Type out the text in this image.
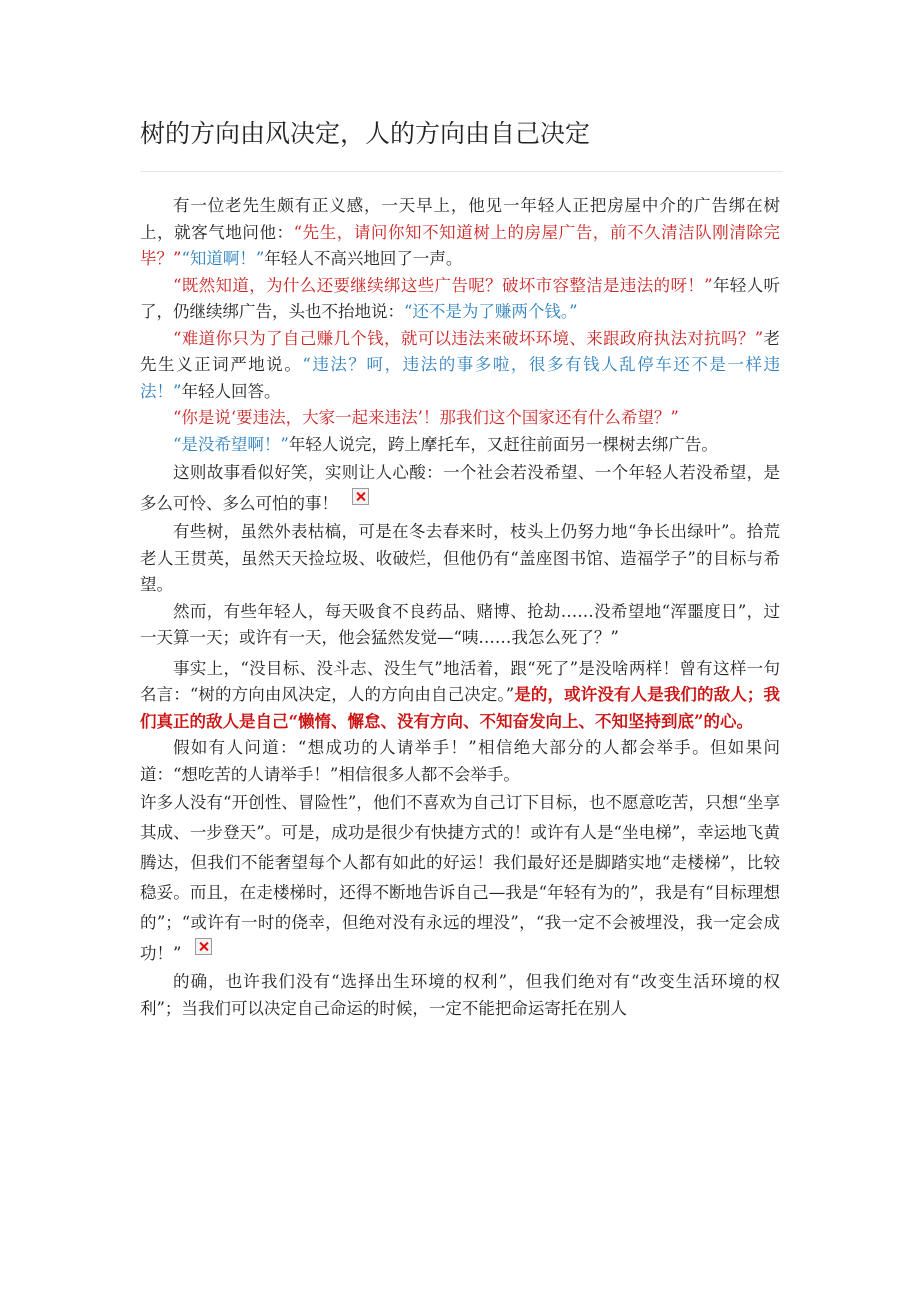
树的方向由风决定，人的方向由自己决定

有一位老先生颇有正义感，一天早上，他见一年轻人正把房屋中介的广告绑在树上，就客气地问他：“先生，请问你知不知道树上的房屋广告，前不久清洁队刚清除完毕？”“知道啊！”年轻人不高兴地回了一声。

“既然知道，为什么还要继续绑这些广告呢？破坏市容整洁是违法的呀！”年轻人听了，仍继续绑广告，头也不抬地说：“还不是为了赚两个钱。”

“难道你只为了自己赚几个钱，就可以违法来破坏环境、来跟政府执法对抗吗？”老先生义正词严地说。“违法？呵，违法的事多啦，很多有钱人乱停车还不是一样违法！”年轻人回答。

“你是说‘要违法，大家一起来违法’！那我们这个国家还有什么希望？”

“是没希望啊！”年轻人说完，跨上摩托车，又赶往前面另一棵树去绑广告。

这则故事看似好笑，实则让人心酸：一个社会若没希望、一个年轻人若没希望，是多么可怜、多么可怕的事！

有些树，虽然外表枯槁，可是在冬去春来时，枝头上仍努力地“争长出绿叶”。拾荒老人王贯英，虽然天天捡垃圾、收破烂，但他仍有“盖座图书馆、造福学子”的目标与希望。

然而，有些年轻人，每天吸食不良药品、赌博、抢劫……没希望地“浑噩度日”，过一天算一天；或许有一天，他会猛然发觉—“咦……我怎么死了？”

事实上，“没目标、没斗志、没生气”地活着，跟“死了”是没啥两样！曾有这样一句名言：“树的方向由风决定，人的方向由自己决定。”是的，或许没有人是我们的敌人；我们真正的敌人是自己“懒惰、懈怠、没有方向、不知奋发向上、不知坚持到底”的心。

假如有人问道：“想成功的人请举手！”相信绝大部分的人都会举手。但如果问道：“想吃苦的人请举手！”相信很多人都不会举手。

许多人没有“开创性、冒险性”，他们不喜欢为自己订下目标，也不愿意吃苦，只想“坐享其成、一步登天”。可是，成功是很少有快捷方式的！或许有人是“坐电梯”，幸运地飞黄腾达，但我们不能奢望每个人都有如此的好运！我们最好还是脚踏实地“走楼梯”，比较稳妥。而且，在走楼梯时，还得不断地告诉自己—我是“年轻有为的”，我是有“目标理想的”；“或许有一时的侥幸，但绝对没有永远的埋没”，“我一定不会被埋没，我一定会成功！”

的确，也许我们没有“选择出生环境的权利”，但我们绝对有“改变生活环境的权利”；当我们可以决定自己命运的时候，一定不能把命运寄托在别人
